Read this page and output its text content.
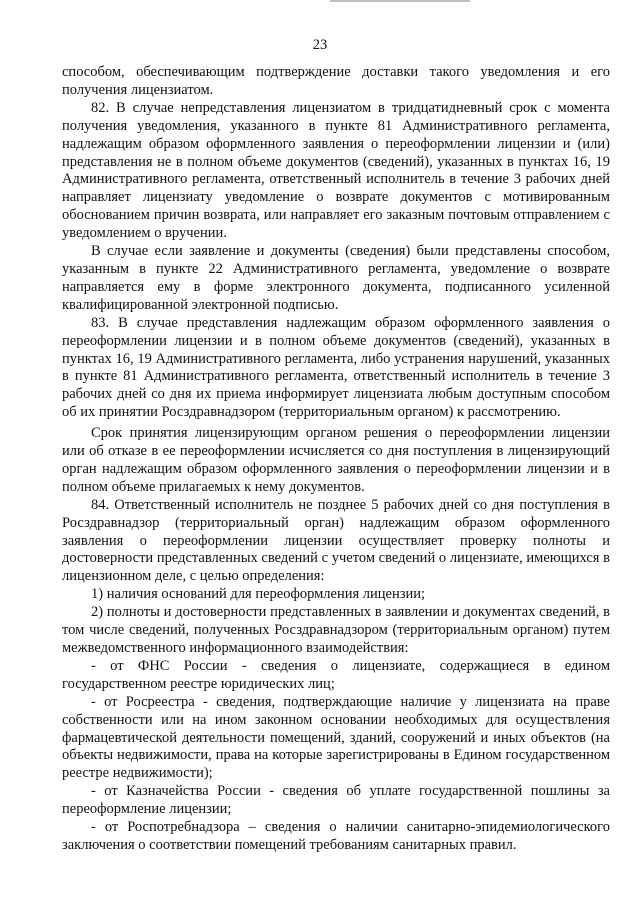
23

способом, обеспечивающим подтверждение доставки такого уведомления и его получения лицензиатом.

82. В случае непредставления лицензиатом в тридцатидневный срок с момента получения уведомления, указанного в пункте 81 Административного регламента, надлежащим образом оформленного заявления о переоформлении лицензии и (или) представления не в полном объеме документов (сведений), указанных в пунктах 16, 19 Административного регламента, ответственный исполнитель в течение 3 рабочих дней направляет лицензиату уведомление о возврате документов с мотивированным обоснованием причин возврата, или направляет его заказным почтовым отправлением с уведомлением о вручении.

В случае если заявление и документы (сведения) были представлены способом, указанным в пункте 22 Административного регламента, уведомление о возврате направляется ему в форме электронного документа, подписанного усиленной квалифицированной электронной подписью.

83. В случае представления надлежащим образом оформленного заявления о переоформлении лицензии и в полном объеме документов (сведений), указанных в пунктах 16, 19 Административного регламента, либо устранения нарушений, указанных в пункте 81 Административного регламента, ответственный исполнитель в течение 3 рабочих дней со дня их приема информирует лицензиата любым доступным способом об их принятии Росздравнадзором (территориальным органом) к рассмотрению.

Срок принятия лицензирующим органом решения о переоформлении лицензии или об отказе в ее переоформлении исчисляется со дня поступления в лицензирующий орган надлежащим образом оформленного заявления о переоформлении лицензии и в полном объеме прилагаемых к нему документов.

84. Ответственный исполнитель не позднее 5 рабочих дней со дня поступления в Росздравнадзор (территориальный орган) надлежащим образом оформленного заявления о переоформлении лицензии осуществляет проверку полноты и достоверности представленных сведений с учетом сведений о лицензиате, имеющихся в лицензионном деле, с целью определения:

1) наличия оснований для переоформления лицензии;

2) полноты и достоверности представленных в заявлении и документах сведений, в том числе сведений, полученных Росздравнадзором (территориальным органом) путем межведомственного информационного взаимодействия:

- от ФНС России - сведения о лицензиате, содержащиеся в едином государственном реестре юридических лиц;

- от Росреестра - сведения, подтверждающие наличие у лицензиата на праве собственности или на ином законном основании необходимых для осуществления фармацевтической деятельности помещений, зданий, сооружений и иных объектов (на объекты недвижимости, права на которые зарегистрированы в Едином государственном реестре недвижимости);

- от Казначейства России - сведения об уплате государственной пошлины за переоформление лицензии;

- от Роспотребнадзора – сведения о наличии санитарно-эпидемиологического заключения о соответствии помещений требованиям санитарных правил.
